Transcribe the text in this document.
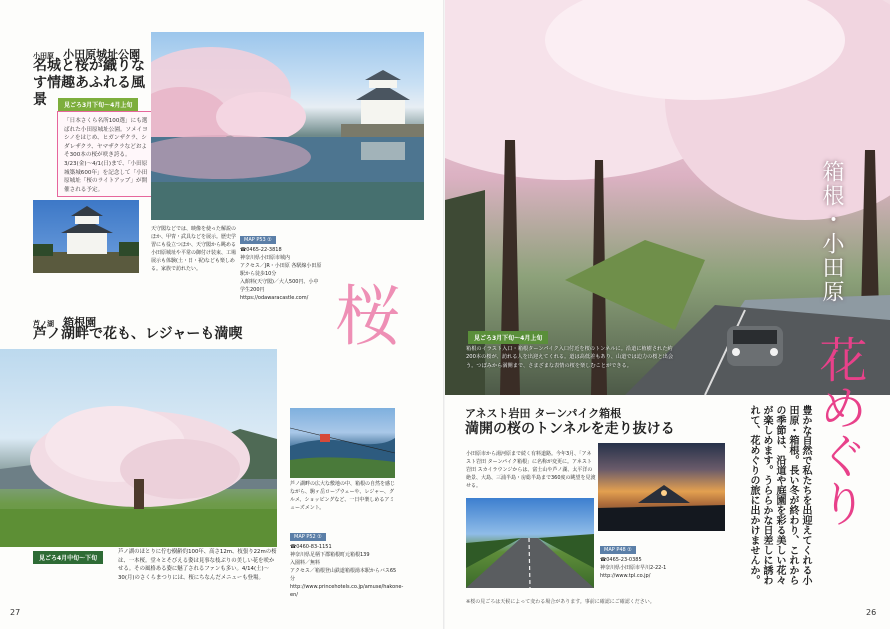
小田原 小田原城址公園
名城と桜が織りなす情趣あふれる風景	見ごろ3月下旬〜4月上旬
「日本さくら名所100選」にも選ばれた小田原城址公園。ソメイヨシノをはじめ、ヒガンザクラ、シダレザクラ、ヤマザクラなどおよそ300本の桜が咲き誇る。3/23(金)〜4/1(日)まで、「小田原城築城600年」を記念して「小田原城址「桜のライトアップ」が開催される予定。
天守閣などでは、映像を使った解説のほか、甲冑・武具などを展示。歴史学習にも役立つほか、天守閣から眺める小田原城址や平常の御付け装束、工場展示も体験(土・日・祝)なども楽しめる。家族で訪れたい。
MAP P53 ①
☎0465-22-3818
神奈川県小田原市城内
アクセス／JR・小田原 各駅線小田原駅から徒歩10分
入館料(天守閣)／大人500円、小中学生200円
https://odawaracastle.com/ 桜
芦ノ湖 箱根園
芦ノ湖畔で花も、レジャーも満喫
見ごろ4月中旬〜下旬
芦ノ湖のほとりに佇む樹齢約100年、高さ12m、枝張り22mの桜は、一本桜。堂々とそびえる姿は見事な枝ぶりの美しい花を咲かせる。その風格ある姿に魅了されるファンも多い。4/14(土)〜30(月)のさくらまつりには、桜にちなんだメニューも登場。
芦ノ湖畔の広大な敷地の中、箱根の自然を感じながら、駒ヶ岳ロープウェーや、レジャー、グルメ、ショッピングなど、一日中楽しめるアミューズメント。
MAP P52 ①
☎0460-83-1151
神奈川県足柄下郡箱根町元箱根139
入園料／無料
アクセス／箱根登山鉄道箱根湯本駅からバス65分
http://www.princehotels.co.jp/amuse/hakone-en/
27
見ごろ3月下旬〜4月上旬
箱根のイラスト入口・箱根ターンパイク入口付近を桜のトンネルに。沿道に植樹された約200本の桜が、訪れる人を出迎えてくれる。道は高低差もあり、山道では迫力の桜と出会う。つぼみから満開まで、さまざまな表情の桜を楽しむことができる。
箱根・小田原
花めぐり
豊かな自然で私たちを出迎えてくれる小田原・箱根。長い冬が終わり、これからの季節は、沿道や庭園を彩る美しい花々が楽しめます。うららかな日差しに誘われて、花めぐりの旅に出かけませんか。
アネスト岩田 ターンパイク箱根
満開の桜のトンネルを走り抜ける
小田原市から湯河原まで続く有料道路。今年3月、「アネスト岩田 ターンパイク箱根」に名称が変更に。アネスト岩田 スカイラウンジからは、富士山や芦ノ湖、太平洋の絶景、大島、三浦半島・房総半島まで360度の眺望を見渡せる。
MAP P48 ①
☎0465-23-0385
神奈川県小田原市早川2-22-1
http://www.tpl.co.jp/
※桜の見ごろは天候によって変わる場合があります。事前に確認にご確認ください。
26
